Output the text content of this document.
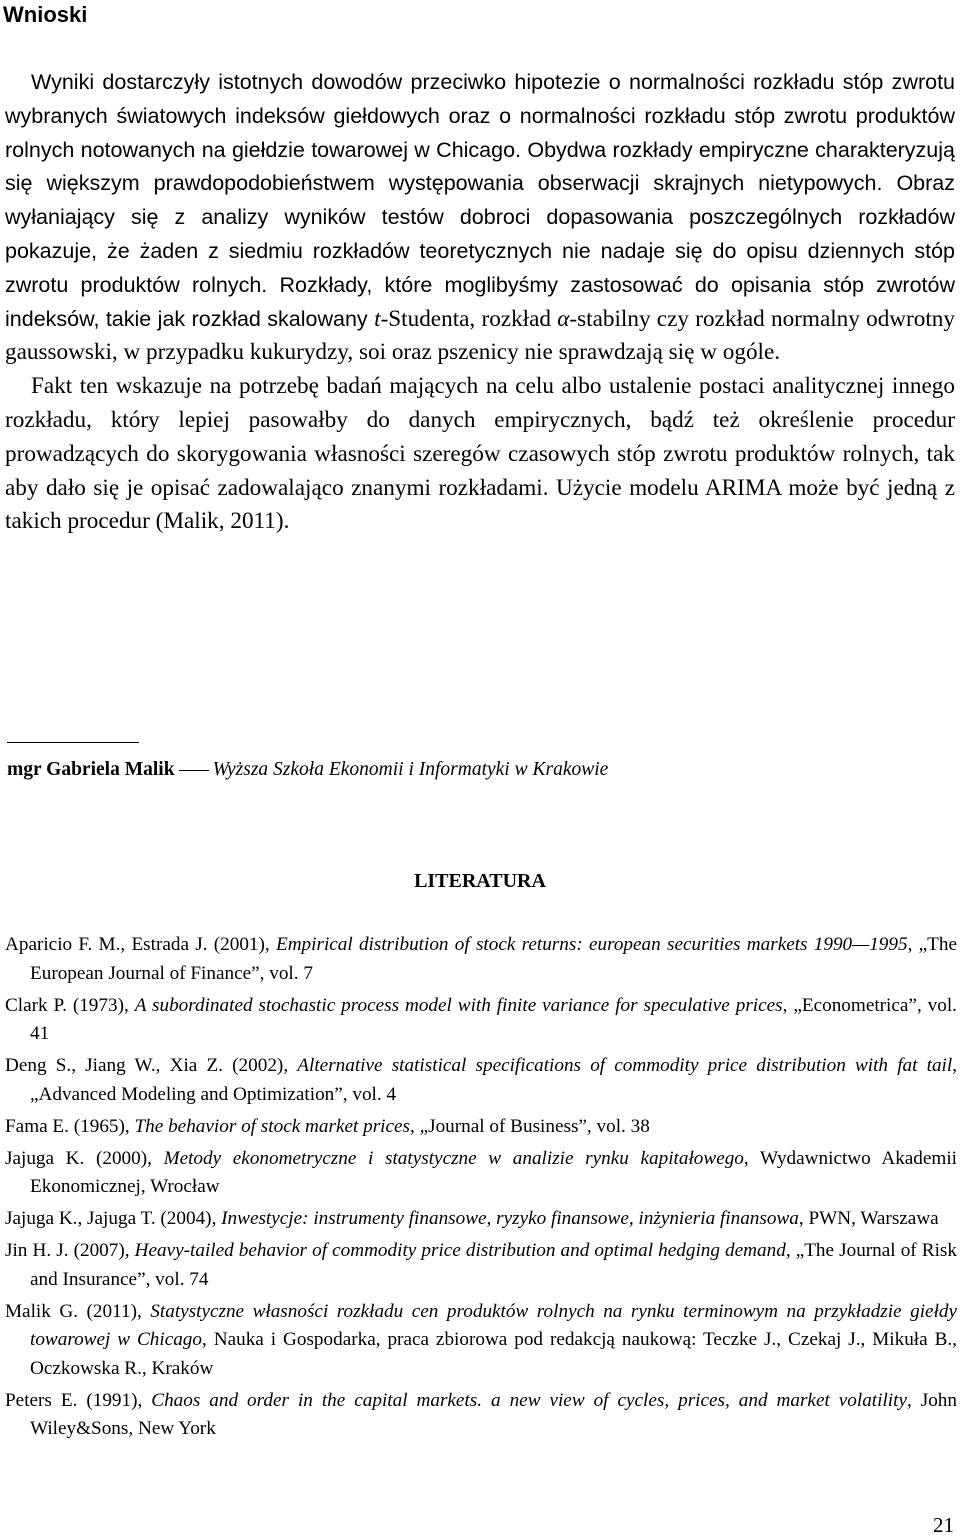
Wnioski

Wyniki dostarczyły istotnych dowodów przeciwko hipotezie o normalności rozkładu stóp zwrotu wybranych światowych indeksów giełdowych oraz o normalności rozkładu stóp zwrotu produktów rolnych notowanych na giełdzie towarowej w Chicago. Obydwa rozkłady empiryczne charakteryzują się większym prawdopodobieństwem występowania obserwacji skrajnych nietypowych. Obraz wyłaniający się z analizy wyników testów dobroci dopasowania poszczególnych rozkładów pokazuje, że żaden z siedmiu rozkładów teoretycznych nie nadaje się do opisu dziennych stóp zwrotu produktów rolnych. Rozkłady, które moglibyśmy zastosować do opisania stóp zwrotów indeksów, takie jak rozkład skalowany t-Studenta, rozkład α-stabilny czy rozkład normalny odwrotny gaussowski, w przypadku kukurydzy, soi oraz pszenicy nie sprawdzają się w ogóle.

Fakt ten wskazuje na potrzebę badań mających na celu albo ustalenie postaci analitycznej innego rozkładu, który lepiej pasowałby do danych empirycznych, bądź też określenie procedur prowadzących do skorygowania własności szeregów czasowych stóp zwrotu produktów rolnych, tak aby dało się je opisać zadowalająco znanymi rozkładami. Użycie modelu ARIMA może być jedną z takich procedur (Malik, 2011).

mgr Gabriela Malik Wyższa Szkoła Ekonomii i Informatyki w Krakowie
LITERATURA

Aparicio F. M., Estrada J. (2001), Empirical distribution of stock returns: european securities markets 1990—1995, „The European Journal of Finance”, vol. 7

Clark P. (1973), A subordinated stochastic process model with finite variance for speculative prices, „Econometrica”, vol. 41

Deng S., Jiang W., Xia Z. (2002), Alternative statistical specifications of commodity price distribution with fat tail, „Advanced Modeling and Optimization”, vol. 4

Fama E. (1965), The behavior of stock market prices, „Journal of Business”, vol. 38

Jajuga K. (2000), Metody ekonometryczne i statystyczne w analizie rynku kapitałowego, Wydawnictwo Akademii Ekonomicznej, Wrocław

Jajuga K., Jajuga T. (2004), Inwestycje: instrumenty finansowe, ryzyko finansowe, inżynieria finansowa, PWN, Warszawa

Jin H. J. (2007), Heavy-tailed behavior of commodity price distribution and optimal hedging demand, „The Journal of Risk and Insurance”, vol. 74

Malik G. (2011), Statystyczne własności rozkładu cen produktów rolnych na rynku terminowym na przykładzie giełdy towarowej w Chicago, Nauka i Gospodarka, praca zbiorowa pod redakcją naukową: Teczke J., Czekaj J., Mikuła B., Oczkowska R., Kraków

Peters E. (1991), Chaos and order in the capital markets. a new view of cycles, prices, and market volatility, John Wiley&Sons, New York

21
